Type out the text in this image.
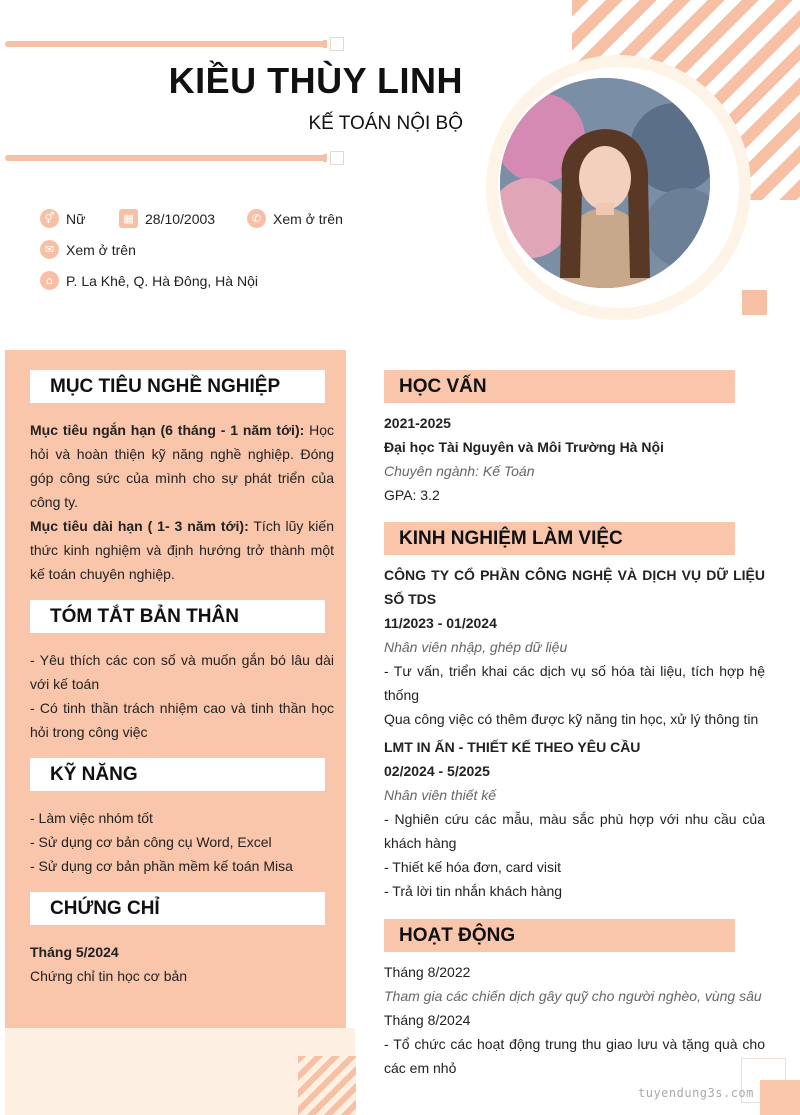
KIỀU THÙY LINH
KẾ TOÁN NỘI BỘ
⚥ Nữ	▦ 28/10/2003	✆ Xem ở trên
✉ Xem ở trên
⌂ P. La Khê, Q. Hà Đông, Hà Nội
MỤC TIÊU NGHỀ NGHIỆP

Mục tiêu ngắn hạn (6 tháng - 1 năm tới): Học hỏi và hoàn thiện kỹ năng nghề nghiệp. Đóng góp công sức của mình cho sự phát triển của công ty.

Mục tiêu dài hạn ( 1- 3 năm tới): Tích lũy kiến thức kinh nghiệm và định hướng trở thành một kế toán chuyên nghiệp.

TÓM TẮT BẢN THÂN

- Yêu thích các con số và muốn gắn bó lâu dài với kế toán

- Có tinh thần trách nhiệm cao và tinh thần học hỏi trong công việc

KỸ NĂNG

- Làm việc nhóm tốt

- Sử dụng cơ bản công cụ Word, Excel

- Sử dụng cơ bản phần mềm kế toán Misa

CHỨNG CHỈ

Tháng 5/2024

Chứng chỉ tin học cơ bản

HỌC VẤN

2021-2025

Đại học Tài Nguyên và Môi Trường Hà Nội

Chuyên ngành: Kế Toán

GPA: 3.2

KINH NGHIỆM LÀM VIỆC

CÔNG TY CỔ PHẦN CÔNG NGHỆ VÀ DỊCH VỤ DỮ LIỆU SỐ TDS

11/2023 - 01/2024

Nhân viên nhập, ghép dữ liệu

- Tư vấn, triển khai các dịch vụ số hóa tài liệu, tích hợp hệ thống

Qua công việc có thêm được kỹ năng tin học, xử lý thông tin

LMT IN ẤN - THIẾT KẾ THEO YÊU CẦU

02/2024 - 5/2025

Nhân viên thiết kế

- Nghiên cứu các mẫu, màu sắc phù hợp với nhu cầu của khách hàng

- Thiết kế hóa đơn, card visit

- Trả lời tin nhắn khách hàng

HOẠT ĐỘNG

Tháng 8/2022

Tham gia các chiến dịch gây quỹ cho người nghèo, vùng sâu

Tháng 8/2024

- Tổ chức các hoạt động trung thu giao lưu và tặng quà cho các em nhỏ

tuyendung3s.com
